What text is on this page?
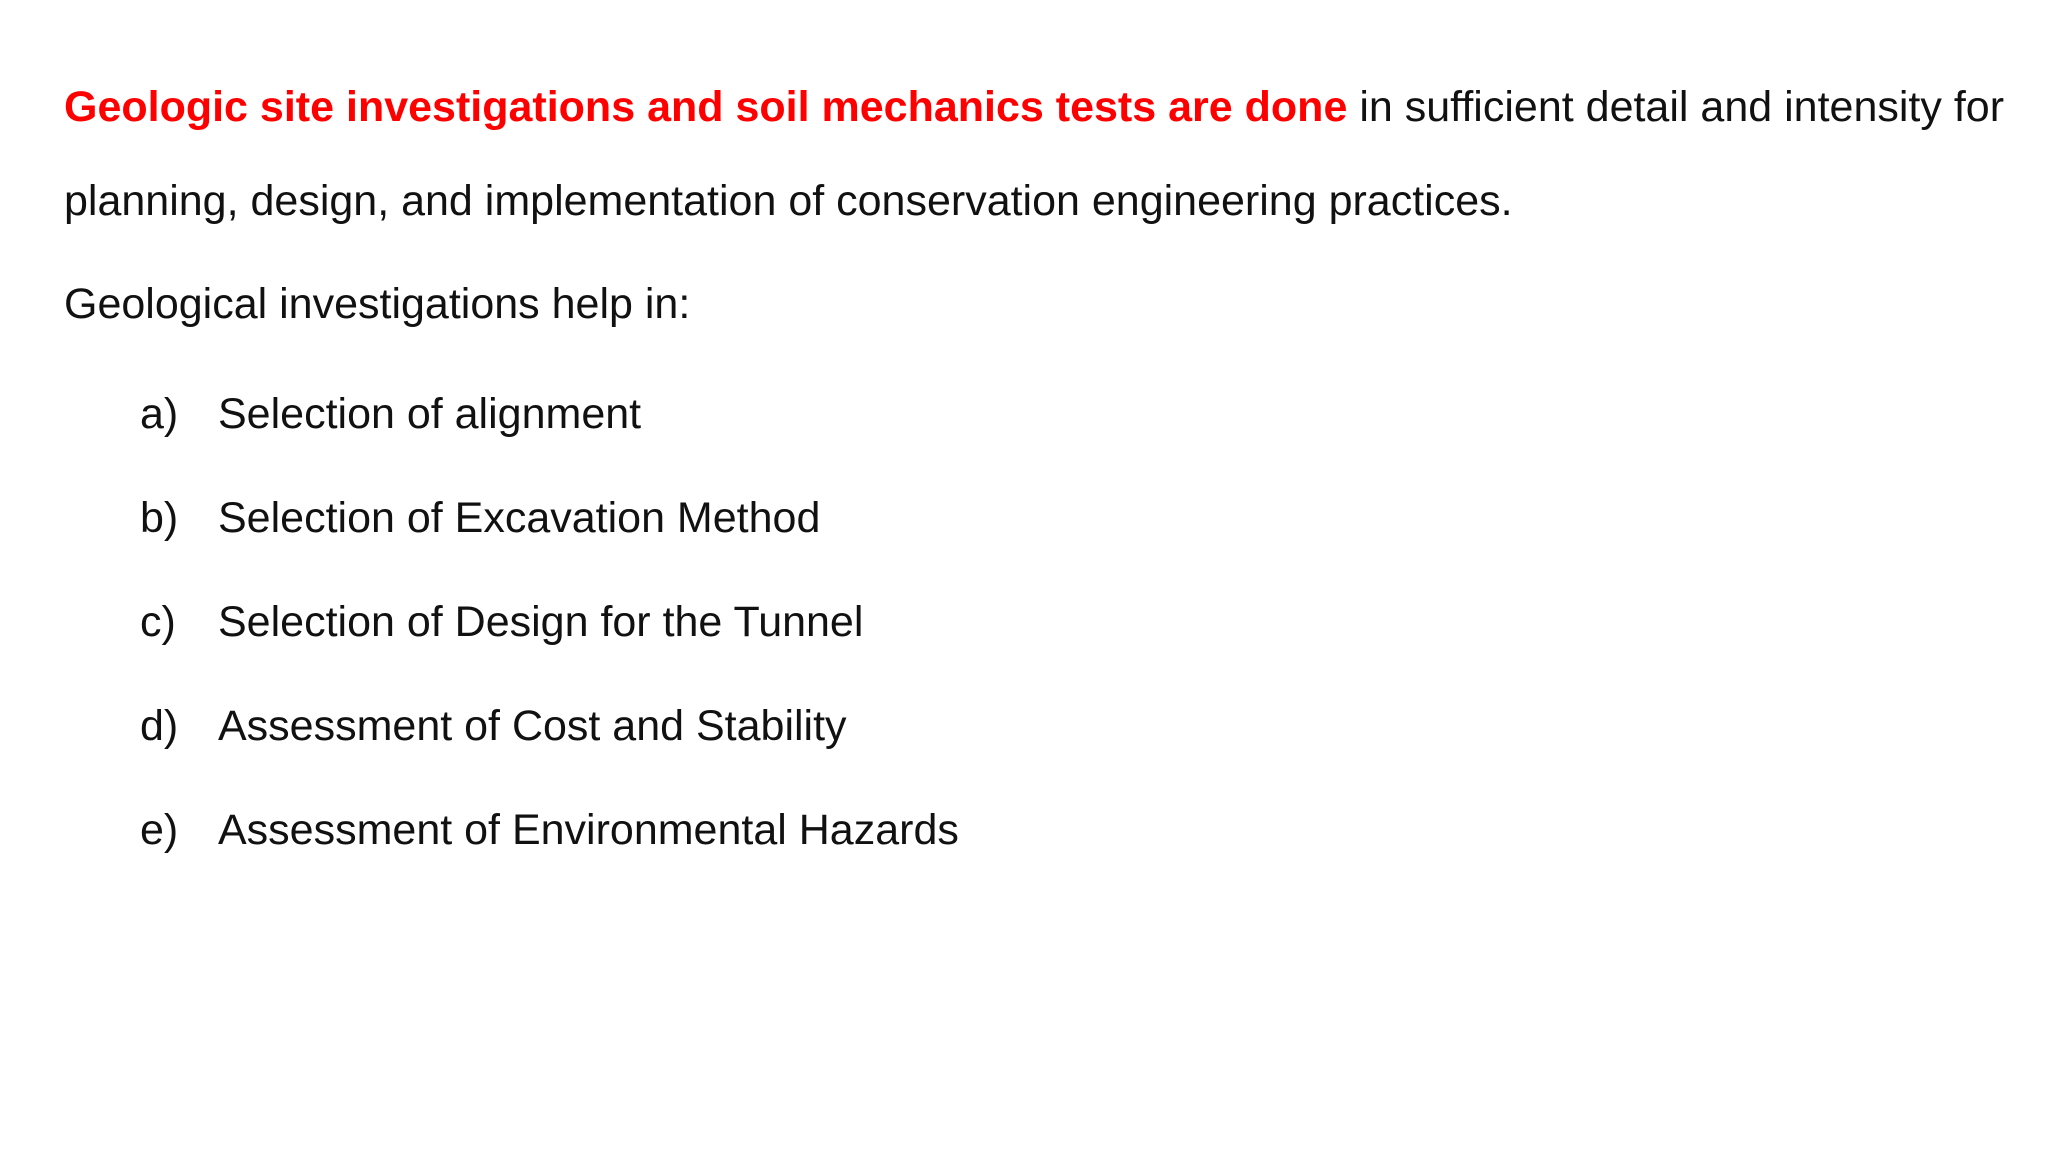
Geologic site investigations and soil mechanics tests are done in sufficient detail and intensity for planning, design, and implementation of conservation engineering practices.

Geological investigations help in:

a) Selection of alignment
b) Selection of Excavation Method
c) Selection of Design for the Tunnel
d) Assessment of Cost and Stability
e) Assessment of Environmental Hazards
